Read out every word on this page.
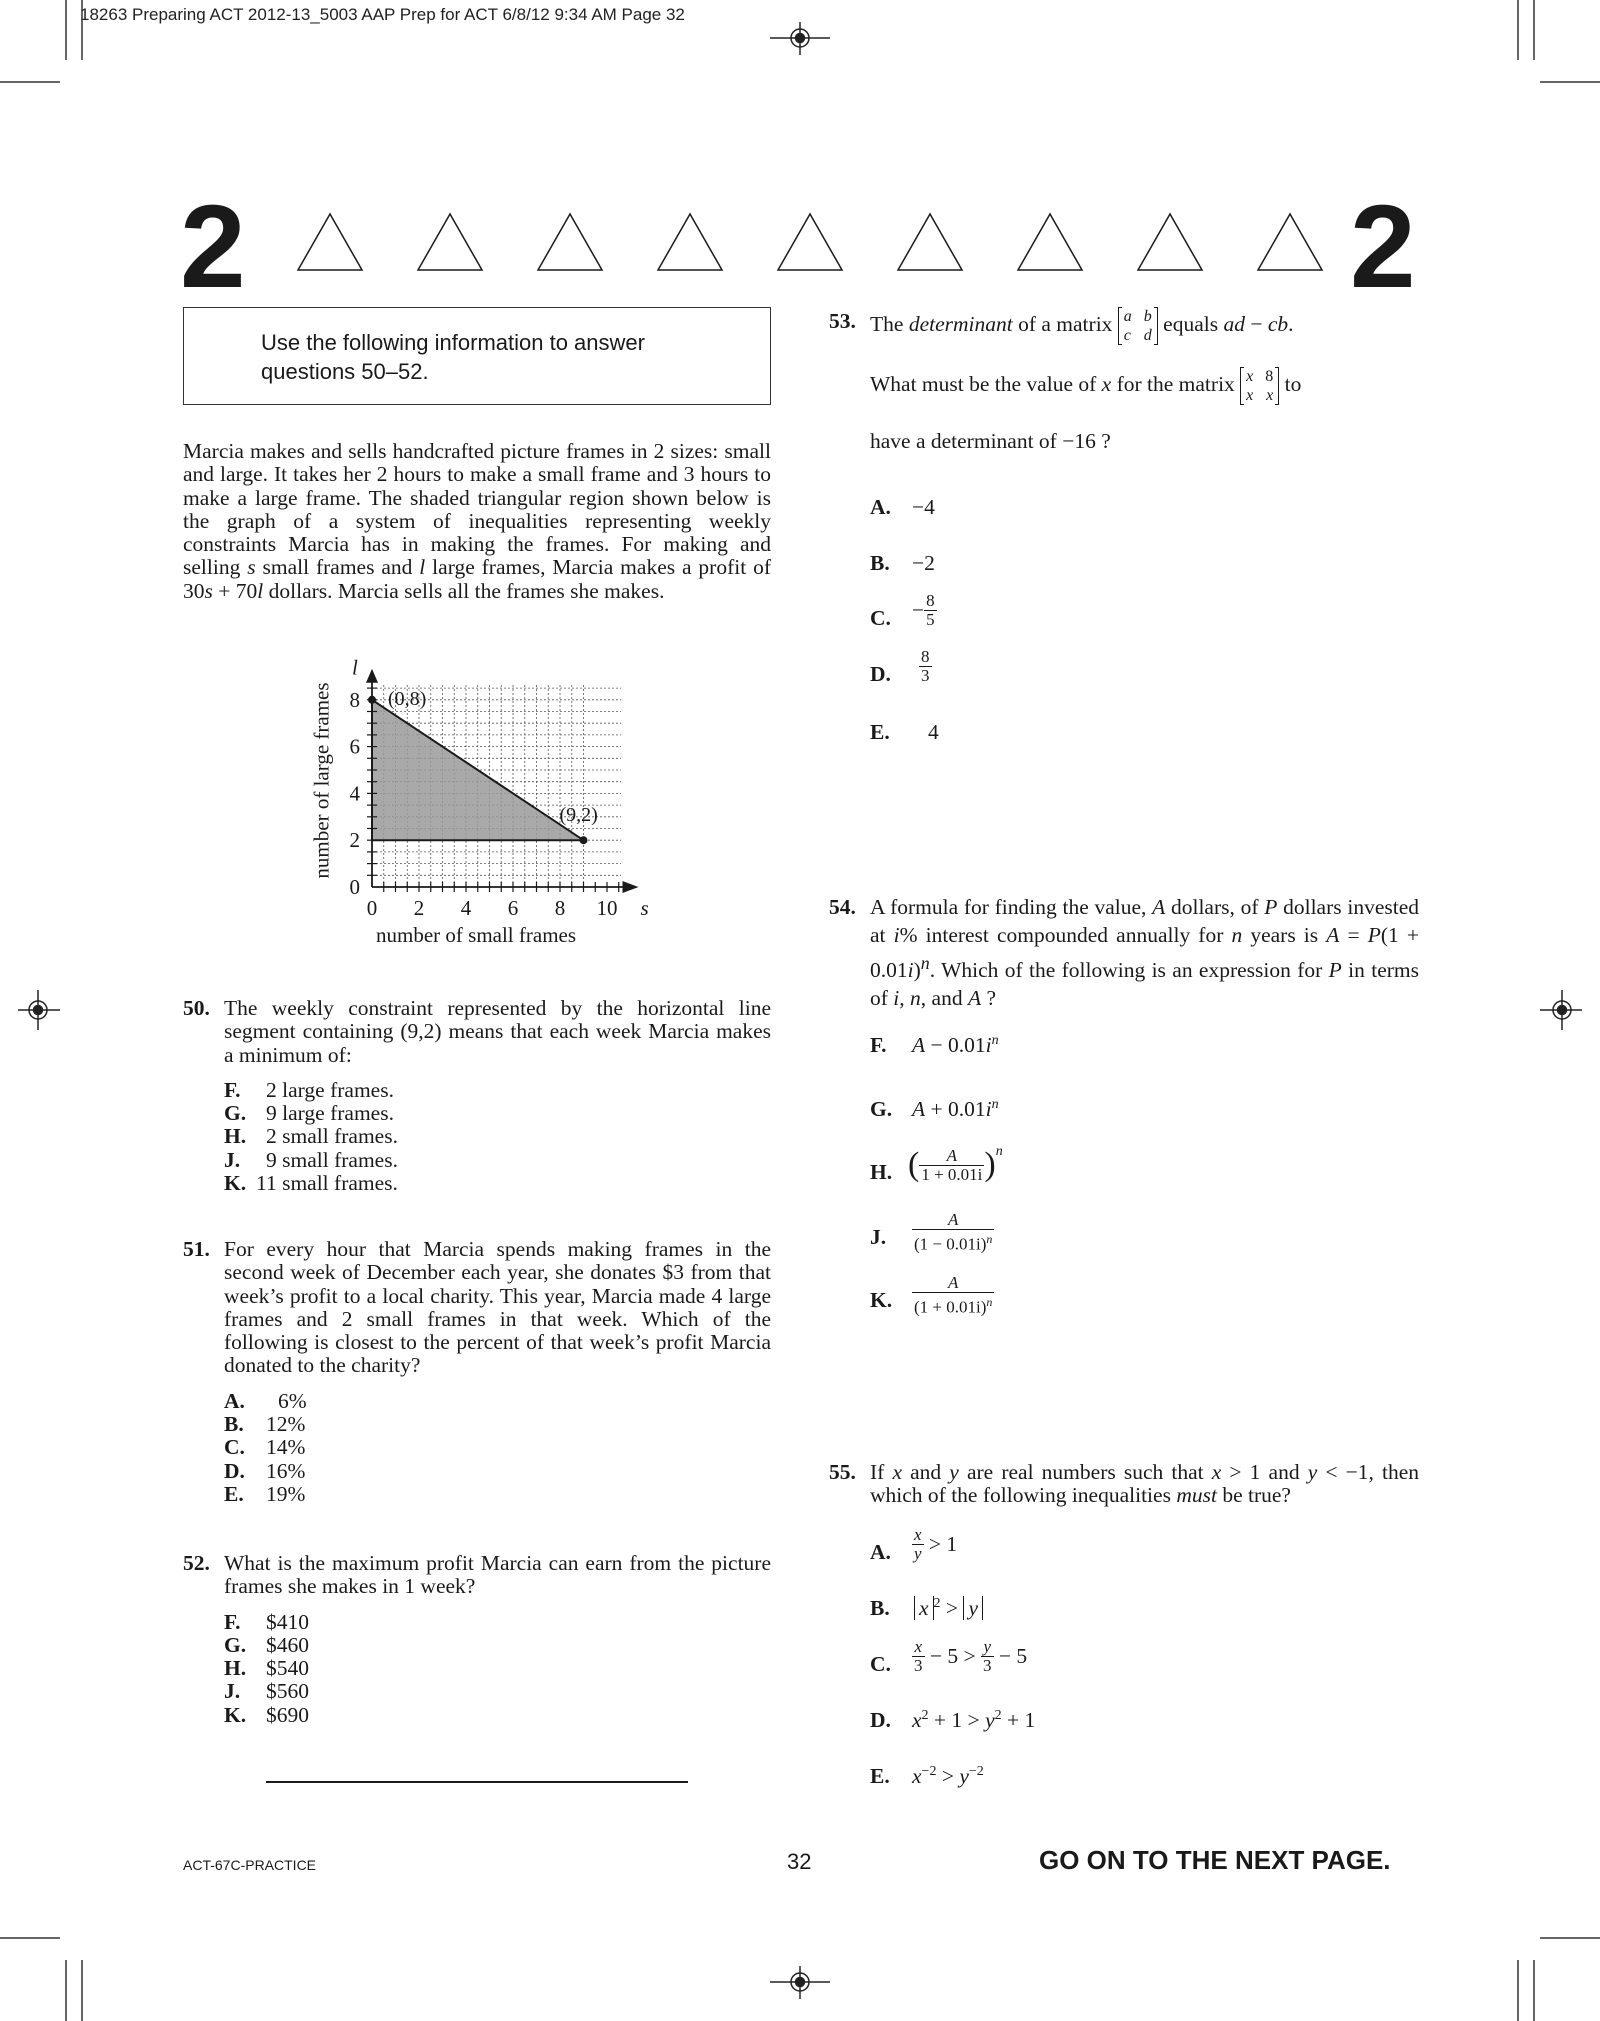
18263 Preparing ACT 2012-13_5003 AAP Prep for ACT 6/8/12 9:34 AM Page 32
2	2

Use the following information to answer questions 50–52.

Marcia makes and sells handcrafted picture frames in 2 sizes: small and large. It takes her 2 hours to make a small frame and 3 hours to make a large frame. The shaded triangular region shown below is the graph of a system of inequalities representing weekly constraints Marcia has in making the frames. For making and selling s small frames and l large frames, Marcia makes a profit of 30s + 70l dollars. Marcia sells all the frames she makes.
0 2 4 6 8 10
0
2
4
6
8
s
l
(0,8)
(9,2)
number of small frames
number of large frames
50. The weekly constraint represented by the horizontal line segment containing (9,2) means that each week Marcia makes a minimum of:
F. 2 large frames.
G. 9 large frames.
H. 2 small frames.
J. 9 small frames.
K. 11 small frames.
51. For every hour that Marcia spends making frames in the second week of December each year, she donates $3 from that week’s profit to a local charity. This year, Marcia made 4 large frames and 2 small frames in that week. Which of the following is closest to the percent of that week’s profit Marcia donated to the charity?
A. 6%
B. 12%
C. 14%
D. 16%
E. 19%
52. What is the maximum profit Marcia can earn from the picture frames she makes in 1 week?
F. $410
G. $460
H. $540
J. $560
K. $690
53. The determinant of a matrix a b
c d equals ad − cb.
What must be the value of x for the matrix x 8
x x to
have a determinant of −16 ?
A. −4
B. −2
C. − $\frac{8}{5}$
D. $\frac{8}{3}$
E. 4
54. A formula for finding the value, A dollars, of P dollars invested at i% interest compounded annually for n years is $A = P(1 + 0.01i)^n$. Which of the following is an expression for P in terms of i, n, and A ?
F. $A - 0.01i^n$
G. $A + 0.01i^n$
H. ( $\frac{A}{1 + 0.01i} )^n$
J. $\frac{A}{(1 - 0.01i)^n}$
K. $\frac{A}{(1 + 0.01i)^n}$
55. If x and y are real numbers such that x > 1 and y < −1, then which of the following inequalities must be true?
A. $\frac{x}{y} > 1$
B. x $^2$ > y
C. $\frac{x}{3} - 5 > \frac{y}{3} - 5$
D. $x^2 + 1 > y^2 + 1$
E. $x^{-2} > y^{-2}$
ACT-67C-PRACTICE	32	GO ON TO THE NEXT PAGE.
